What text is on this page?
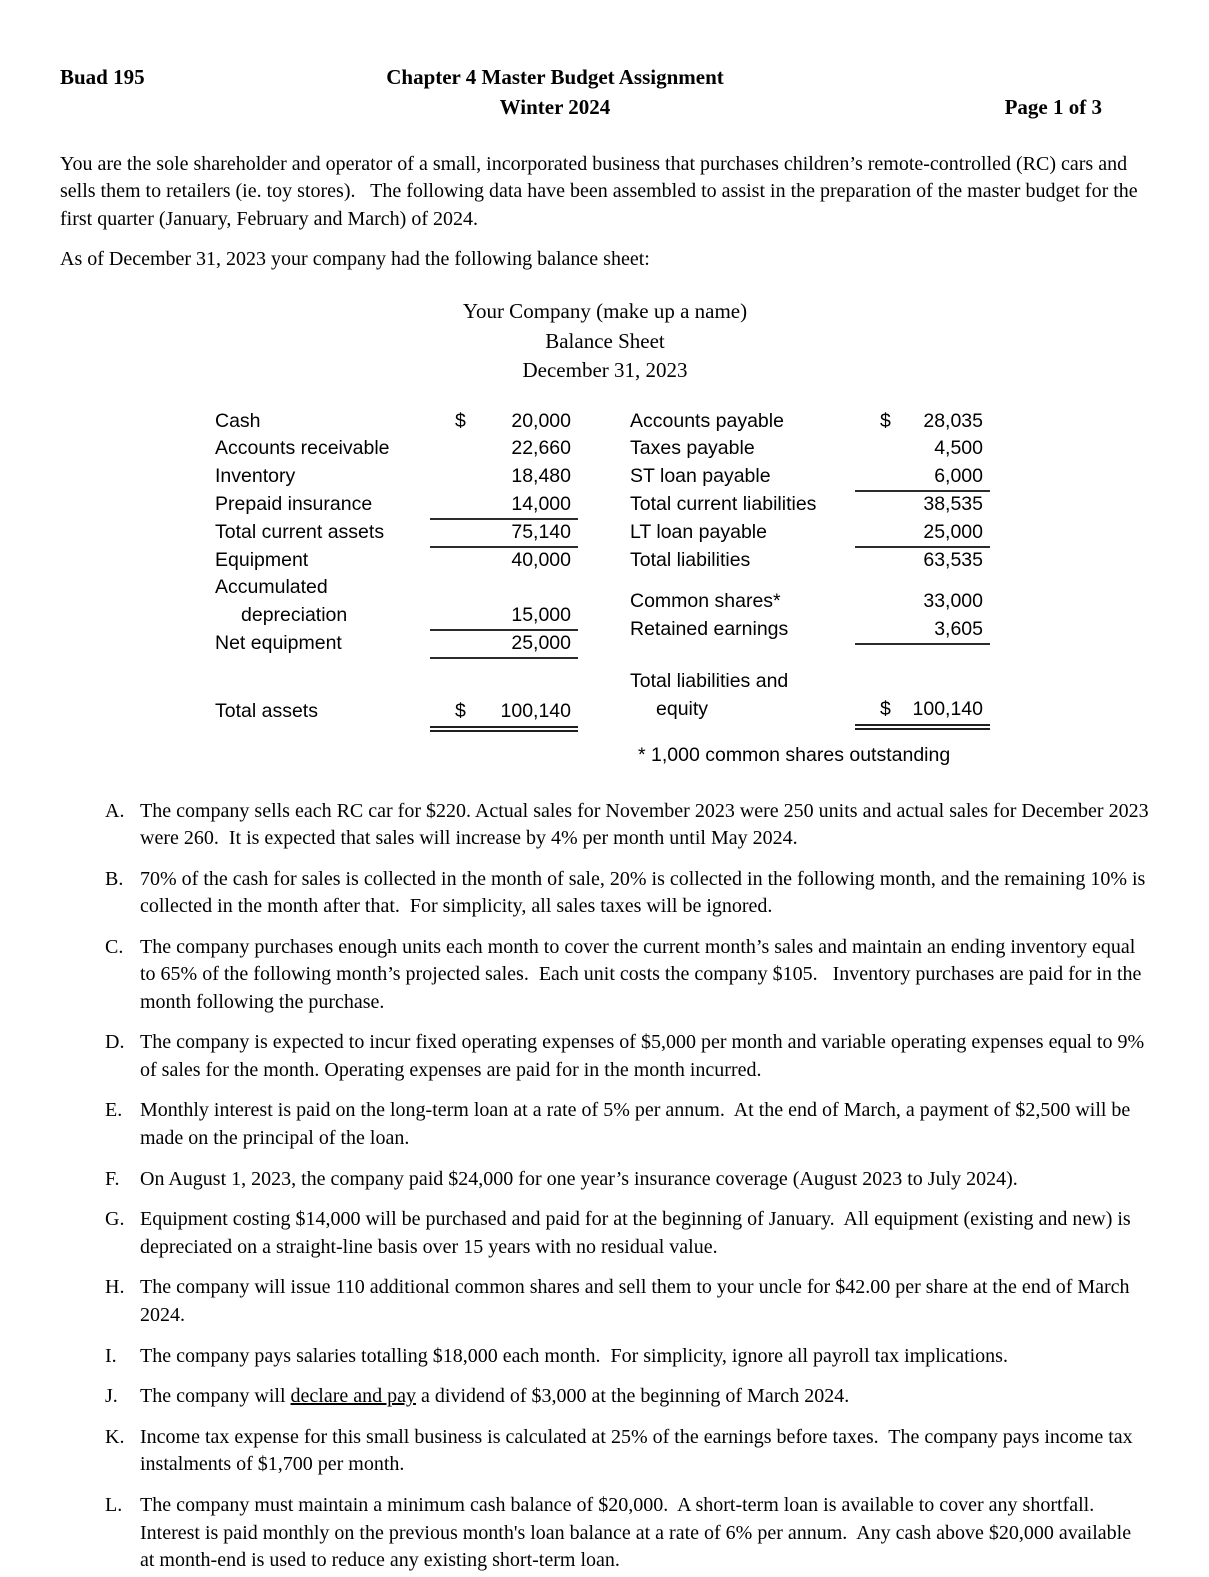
Buad 195	Chapter 4 Master Budget Assignment
Winter 2024	Page 1 of 3

You are the sole shareholder and operator of a small, incorporated business that purchases children’s remote-controlled (RC) cars and sells them to retailers (ie. toy stores).   The following data have been assembled to assist in the preparation of the master budget for the first quarter (January, February and March) of 2024.

As of December 31, 2023 your company had the following balance sheet:

Your Company (make up a name)
Balance Sheet
December 31, 2023
Cash	$ 20,000
Accounts receivable	22,660
Inventory	18,480
Prepaid insurance	14,000
Total current assets	75,140
Equipment	40,000
Accumulated
depreciation	15,000
Net equipment	25,000
Total assets	$ 100,140
Accounts payable	$ 28,035
Taxes payable	4,500
ST loan payable	6,000
Total current liabilities	38,535
LT loan payable	25,000
Total liabilities	63,535
Common shares*	33,000
Retained earnings	3,605
Total liabilities and
equity	$ 100,140
* 1,000 common shares outstanding
A. The company sells each RC car for $220. Actual sales for November 2023 were 250 units and actual sales for December 2023 were 260.  It is expected that sales will increase by 4% per month until May 2024.
B. 70% of the cash for sales is collected in the month of sale, 20% is collected in the following month, and the remaining 10% is collected in the month after that.  For simplicity, all sales taxes will be ignored.
C. The company purchases enough units each month to cover the current month’s sales and maintain an ending inventory equal to 65% of the following month’s projected sales.  Each unit costs the company $105.   Inventory purchases are paid for in the month following the purchase.
D. The company is expected to incur fixed operating expenses of $5,000 per month and variable operating expenses equal to 9% of sales for the month. Operating expenses are paid for in the month incurred.
E. Monthly interest is paid on the long-term loan at a rate of 5% per annum.  At the end of March, a payment of $2,500 will be made on the principal of the loan.
F.	On August 1, 2023, the company paid $24,000 for one year’s insurance coverage (August 2023 to July 2024).
G. Equipment costing $14,000 will be purchased and paid for at the beginning of January.  All equipment (existing and new) is depreciated on a straight-line basis over 15 years with no residual value.
H. The company will issue 110 additional common shares and sell them to your uncle for $42.00 per share at the end of March 2024.
I.	The company pays salaries totalling $18,000 each month.  For simplicity, ignore all payroll tax implications.
J.	The company will declare and pay a dividend of $3,000 at the beginning of March 2024.
K. Income tax expense for this small business is calculated at 25% of the earnings before taxes.  The company pays income tax instalments of $1,700 per month.
L. The company must maintain a minimum cash balance of $20,000.  A short-term loan is available to cover any shortfall.  Interest is paid monthly on the previous month's loan balance at a rate of 6% per annum.  Any cash above $20,000 available at month-end is used to reduce any existing short-term loan.
